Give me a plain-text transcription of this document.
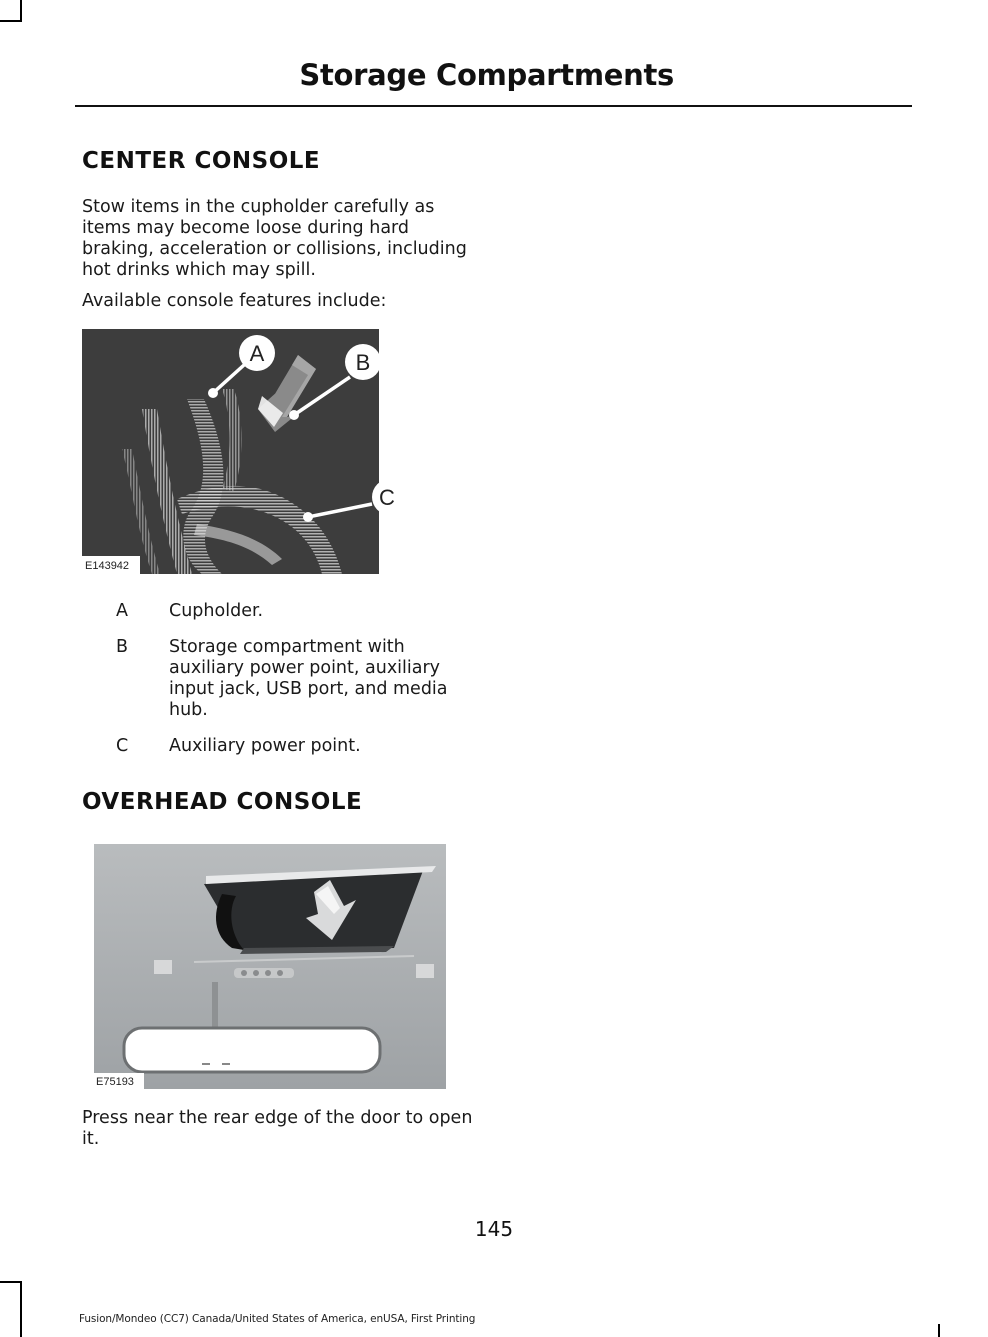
Storage Compartments
CENTER CONSOLE
Stow items in the cupholder carefully as items may become loose during hard braking, acceleration or collisions, including hot drinks which may spill.
Available console features include:
A	B
C
E143942
A	Cupholder.
B	Storage compartment with auxiliary power point, auxiliary input jack, USB port, and media hub.
C	Auxiliary power point.
OVERHEAD CONSOLE
E75193
Press near the rear edge of the door to open it.
145
Fusion/Mondeo (CC7) Canada/United States of America, enUSA, First Printing
